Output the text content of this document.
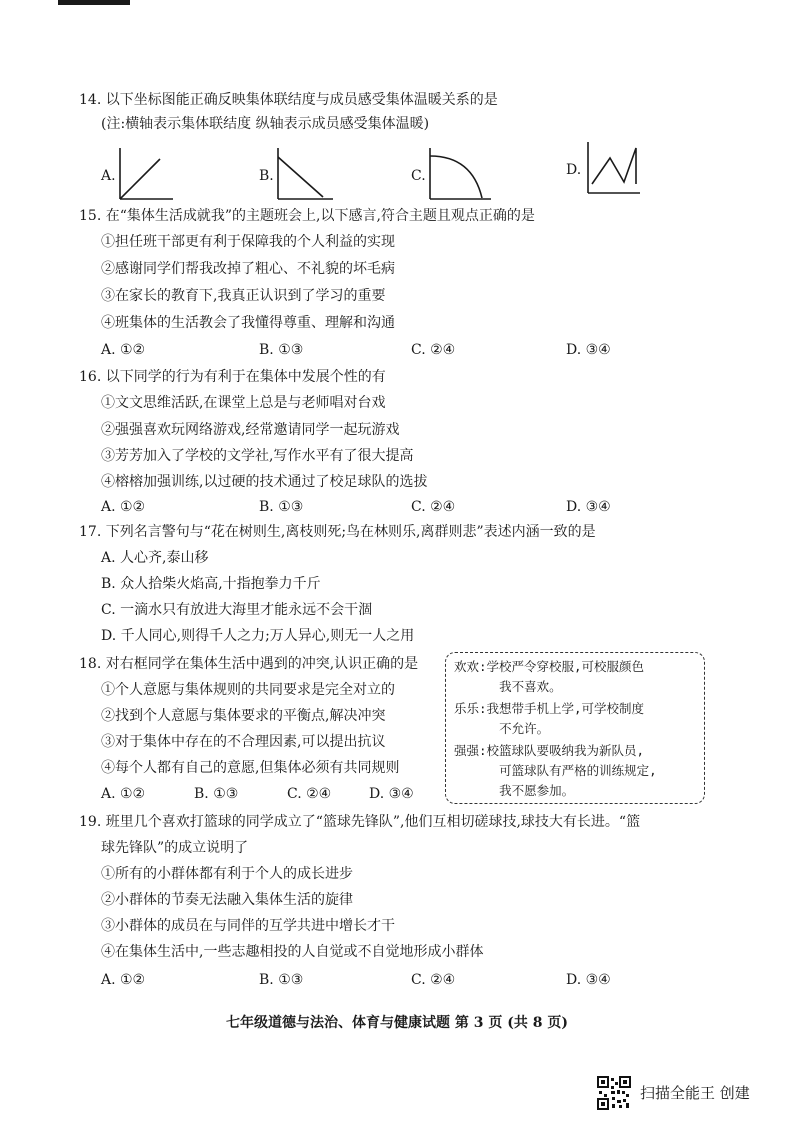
14. 以下坐标图能正确反映集体联结度与成员感受集体温暖关系的是
(注:横轴表示集体联结度 纵轴表示成员感受集体温暖)
A.	B.	C.	D.
15. 在“集体生活成就我”的主题班会上,以下感言,符合主题且观点正确的是
①担任班干部更有利于保障我的个人利益的实现
②感谢同学们帮我改掉了粗心、不礼貌的坏毛病
③在家长的教育下,我真正认识到了学习的重要
④班集体的生活教会了我懂得尊重、理解和沟通
A. ①②	B. ①③	C. ②④	D. ③④
16. 以下同学的行为有利于在集体中发展个性的有
①文文思维活跃,在课堂上总是与老师唱对台戏
②强强喜欢玩网络游戏,经常邀请同学一起玩游戏
③芳芳加入了学校的文学社,写作水平有了很大提高
④榕榕加强训练,以过硬的技术通过了校足球队的选拔
A. ①②	B. ①③	C. ②④	D. ③④
17. 下列名言警句与“花在树则生,离枝则死;鸟在林则乐,离群则悲”表述内涵一致的是
A. 人心齐,泰山移
B. 众人拾柴火焰高,十指抱拳力千斤
C. 一滴水只有放进大海里才能永远不会干涸
D. 千人同心,则得千人之力;万人异心,则无一人之用
18. 对右框同学在集体生活中遇到的冲突,认识正确的是
①个人意愿与集体规则的共同要求是完全对立的
②找到个人意愿与集体要求的平衡点,解决冲突
③对于集体中存在的不合理因素,可以提出抗议
④每个人都有自己的意愿,但集体必须有共同规则
A. ①②	B. ①③	C. ②④	D. ③④
欢欢:学校严令穿校服,可校服颜色
我不喜欢。
乐乐:我想带手机上学,可学校制度
不允许。
强强:校篮球队要吸纳我为新队员,
可篮球队有严格的训练规定,
我不愿参加。
19. 班里几个喜欢打篮球的同学成立了“篮球先锋队”,他们互相切磋球技,球技大有长进。“篮
球先锋队”的成立说明了
①所有的小群体都有利于个人的成长进步
②小群体的节奏无法融入集体生活的旋律
③小群体的成员在与同伴的互学共进中增长才干
④在集体生活中,一些志趣相投的人自觉或不自觉地形成小群体
A. ①②	B. ①③	C. ②④	D. ③④
七年级道德与法治、体育与健康试题 第 3 页 (共 8 页)
扫描全能王 创建
